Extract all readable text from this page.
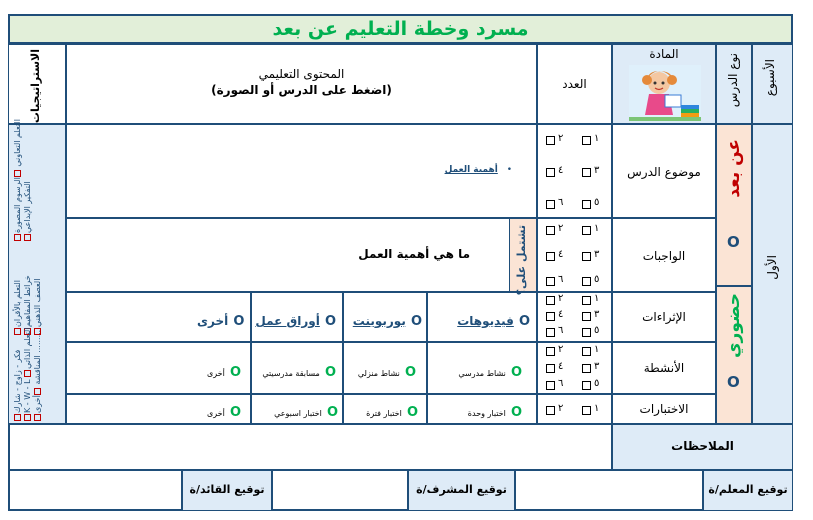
مسرد وخطة التعليم عن بعد
الأسبوع
نوع الدرس
المادة
العدد
المحتوى التعليمي
(اضغط على الدرس أو الصورة)
الاستراتيجيات
الأول
عن بعد
O
حضوري
O
موضوع الدرس
الواجبات
الإثراءات
الأنشطة
الاختبارات
١
٢
٣
٤
٥
٦
١
٢
٣
٤
٥
٦
١
٢
٣
٤
٥
٦
١
٢
٣
٤
٥
٦
١
٢
أهمية العمل •
تشتمل على؟
ما هي أهمية العمل
فيديوهات O
بوربوينت O
أوراق عمل O
أخرى O
نشاط مدرسي O
نشاط منزلي O
مسابقة مدرسيتي O
أخرى O
اختبار وحدة O
اختبار فترة O
اختبار اسبوعي O
أخرى O
التعلم التعاوني الرسوم المصورة التفكير الإبداعي
التعلم بالأقران خرائط المفاهيم العصف الذهني
فكر - زاوج - شارك K - W - L التعلم الذاتي
المناقشة أخرى .........
الملاحظات
توقيع المعلم/ة
توقيع المشرف/ة
توقيع القائد/ة
